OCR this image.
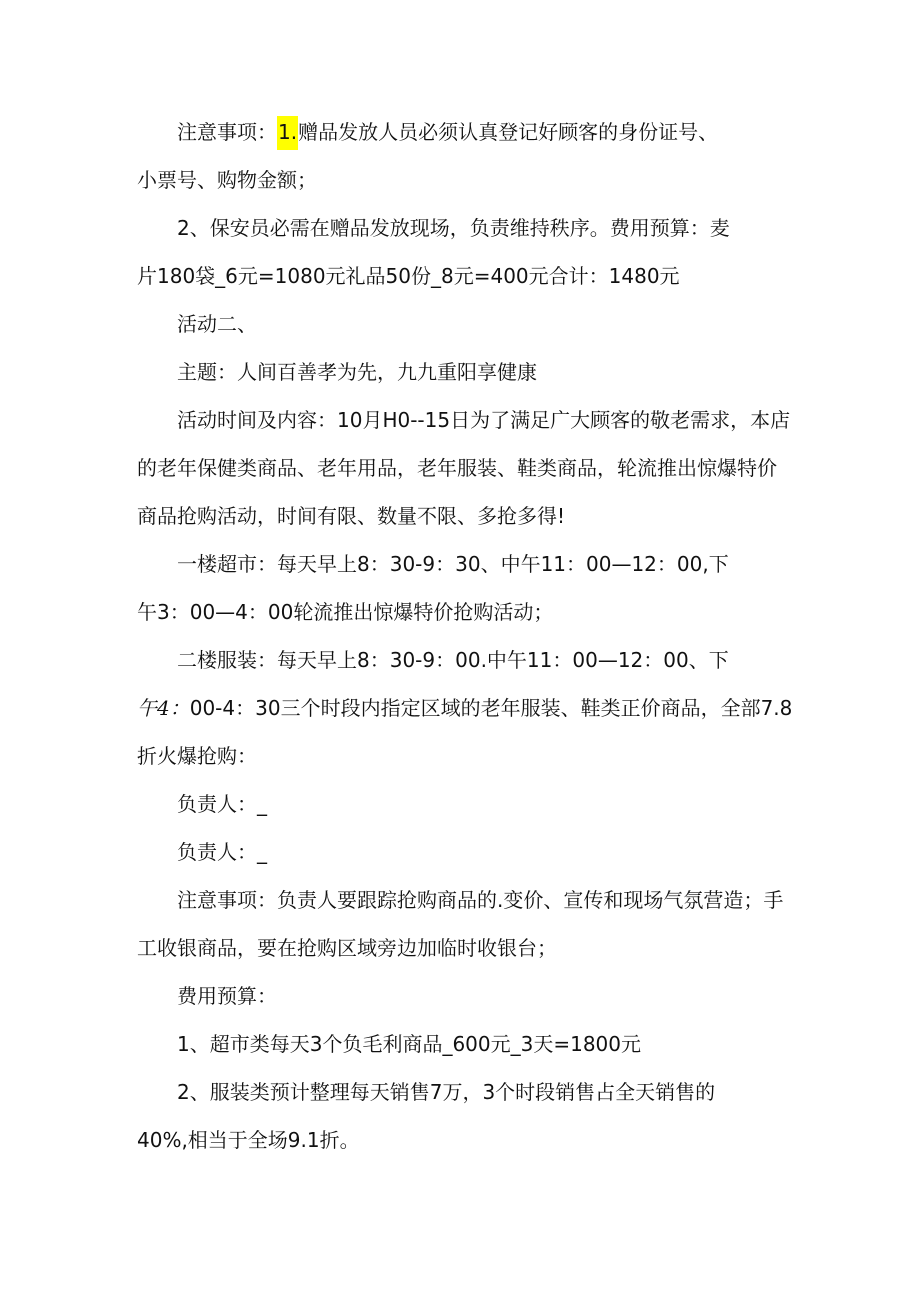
注意事项：1.赠品发放人员必须认真登记好顾客的身份证号、
小票号、购物金额；
2、保安员必需在赠品发放现场，负责维持秩序。费用预算：麦
片180袋_6元=1080元礼品50份_8元=400元合计：1480元
活动二、
主题：人间百善孝为先，九九重阳享健康
活动时间及内容：10月H0--15日为了满足广大顾客的敬老需求，本店
的老年保健类商品、老年用品，老年服装、鞋类商品，轮流推出惊爆特价
商品抢购活动，时间有限、数量不限、多抢多得!
一楼超市：每天早上8：30-9：30、中午11：00—12：00,下
午3：00—4：00轮流推出惊爆特价抢购活动；
二楼服装：每天早上8：30-9：00.中午11：00—12：00、下
午4：00-4：30三个时段内指定区域的老年服装、鞋类正价商品，全部7.8
折火爆抢购：
负责人：_
负责人：_
注意事项：负责人要跟踪抢购商品的.变价、宣传和现场气氛营造；手
工收银商品，要在抢购区域旁边加临时收银台；
费用预算：
1、超市类每天3个负毛利商品_600元_3天=1800元
2、服装类预计整理每天销售7万，3个时段销售占全天销售的
40%,相当于全场9.1折。
